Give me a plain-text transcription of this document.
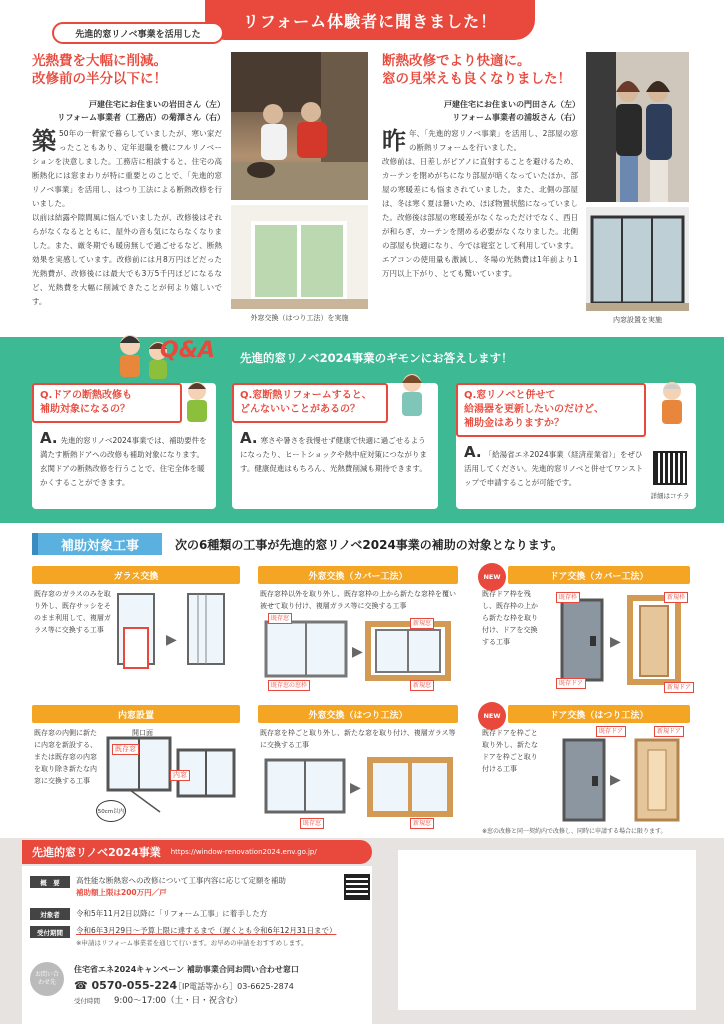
リフォーム体験者に聞きました！
先進的窓リノベ事業を活用した
光熱費を大幅に削減。
改修前の半分以下に！
戸建住宅にお住まいの岩田さん（左）
リフォーム事業者（工務店）の菊澤さん（右）
外窓交換（はつり工法）を実施
築 50年の一軒家で暮らしていましたが、寒い家だったこともあり、定年退職を機にフルリノベーションを決意しました。工務店に相談すると、住宅の高断熱化には窓まわりが特に重要とのことで、「先進的窓リノベ事業」を活用し、はつり工法による断熱改修を行いました。
以前は結露や隙間風に悩んでいましたが、改修後はそれらがなくなるとともに、屋外の音も気にならなくなりました。また、厳冬期でも暖房無しで過ごせるなど、断熱効果を実感しています。改修前には月8万円ほどだった光熱費が、改修後には最大でも3万5千円ほどになるなど、光熱費を大幅に削減できたことが何より嬉しいです。
断熱改修でより快適に。
窓の見栄えも良くなりました！
戸建住宅にお住まいの門田さん（左）
リフォーム事業者の浦坂さん（右）
内窓設置を実施
昨年、「先進的窓リノベ事業」を活用し、2部屋の窓の断熱リフォームを行いました。
改修前は、日差しがピアノに直射することを避けるため、カーテンを閉めがちになり部屋が暗くなっていたほか、部屋の寒暖差にも悩まされていました。また、北側の部屋は、冬は寒く夏は暑いため、ほぼ物置状態になっていました。改修後は部屋の寒暖差がなくなっただけでなく、西日が和らぎ、カーテンを閉める必要がなくなりました。北側の部屋も快適になり、今では寝室として利用しています。エアコンの使用量も激減し、冬場の光熱費は1年前より1万円以上下がり、とても驚いています。
Q&A 先進的窓リノベ2024事業のギモンにお答えします！
Q.ドアの断熱改修も
補助対象になるの？
A. 先進的窓リノベ2024事業では、補助要件を満たす断熱ドアへの改修も補助対象になります。玄関ドアの断熱改修を行うことで、住宅全体を暖かくすることができます。
Q.窓断熱リフォームすると、
どんないいことがあるの？
A. 寒さや暑さを我慢せず健康で快適に過ごせるようになったり、ヒートショックや熱中症対策につながります。健康促進はもちろん、光熱費削減も期待できます。
Q.窓リノベと併せて
給湯器を更新したいのだけど、
補助金はありますか？
A. 「給湯省エネ2024事業（経済産業省）」をぜひ活用してください。先進的窓リノベと併せてワンストップで申請することが可能です。
詳細はコチラ
補助対象工事	次の6種類の工事が先進的窓リノベ2024事業の補助の対象となります。
ガラス交換
既存窓のガラスのみを取り外し、既存サッシをそのまま利用して、複層ガラス等に交換する工事
▶
外窓交換（カバー工法）
既存窓枠以外を取り外し、既存窓枠の上から新たな窓枠を覆い被せて取り付け、複層ガラス等に交換する工事
▶
既存窓
既存窓の窓枠
新規窓
新規窓
NEW	ドア交換（カバー工法）
既存ドア枠を残し、既存枠の上から新たな枠を取り付け、ドアを交換する工事	▶
既存枠
既存ドア
新規枠
新規ドア
内窓設置
既存窓の内側に新たに内窓を新設する、または既存窓の内窓を取り除き新たな内窓に交換する工事
既存窓
内窓
開口面
50cm以内
外窓交換（はつり工法）
既存窓を枠ごと取り外し、新たな窓を取り付け、複層ガラス等に交換する工事
▶
既存窓	新規窓
NEW	ドア交換（はつり工法）
既存ドアを枠ごと取り外し、新たなドアを枠ごと取り付ける工事
▶
既存ドア	新規ドア
※窓の改修と同一契約内で改修し、同時に申請する場合に限ります。
先進的窓リノベ2024事業 https://window-renovation2024.env.go.jp/
概　要	高性能な断熱窓への改修について工事内容に応じて定額を補助
補助額上限は200万円／戸
対象者	令和5年11月2日以降に「リフォーム工事」に着手した方
受付期間	令和6年3月29日〜予算上限に達するまで（遅くとも令和6年12月31日まで）
※申請はリフォーム事業者を通じて行います。お早めの申請をおすすめします。
お問い合わせ先
住宅省エネ2024キャンペーン 補助事業合同お問い合わせ窓口
☎ 0570-055-224
［IP電話等から］03-6625-2874
受付時間 9:00〜17:00（土・日・祝含む）
